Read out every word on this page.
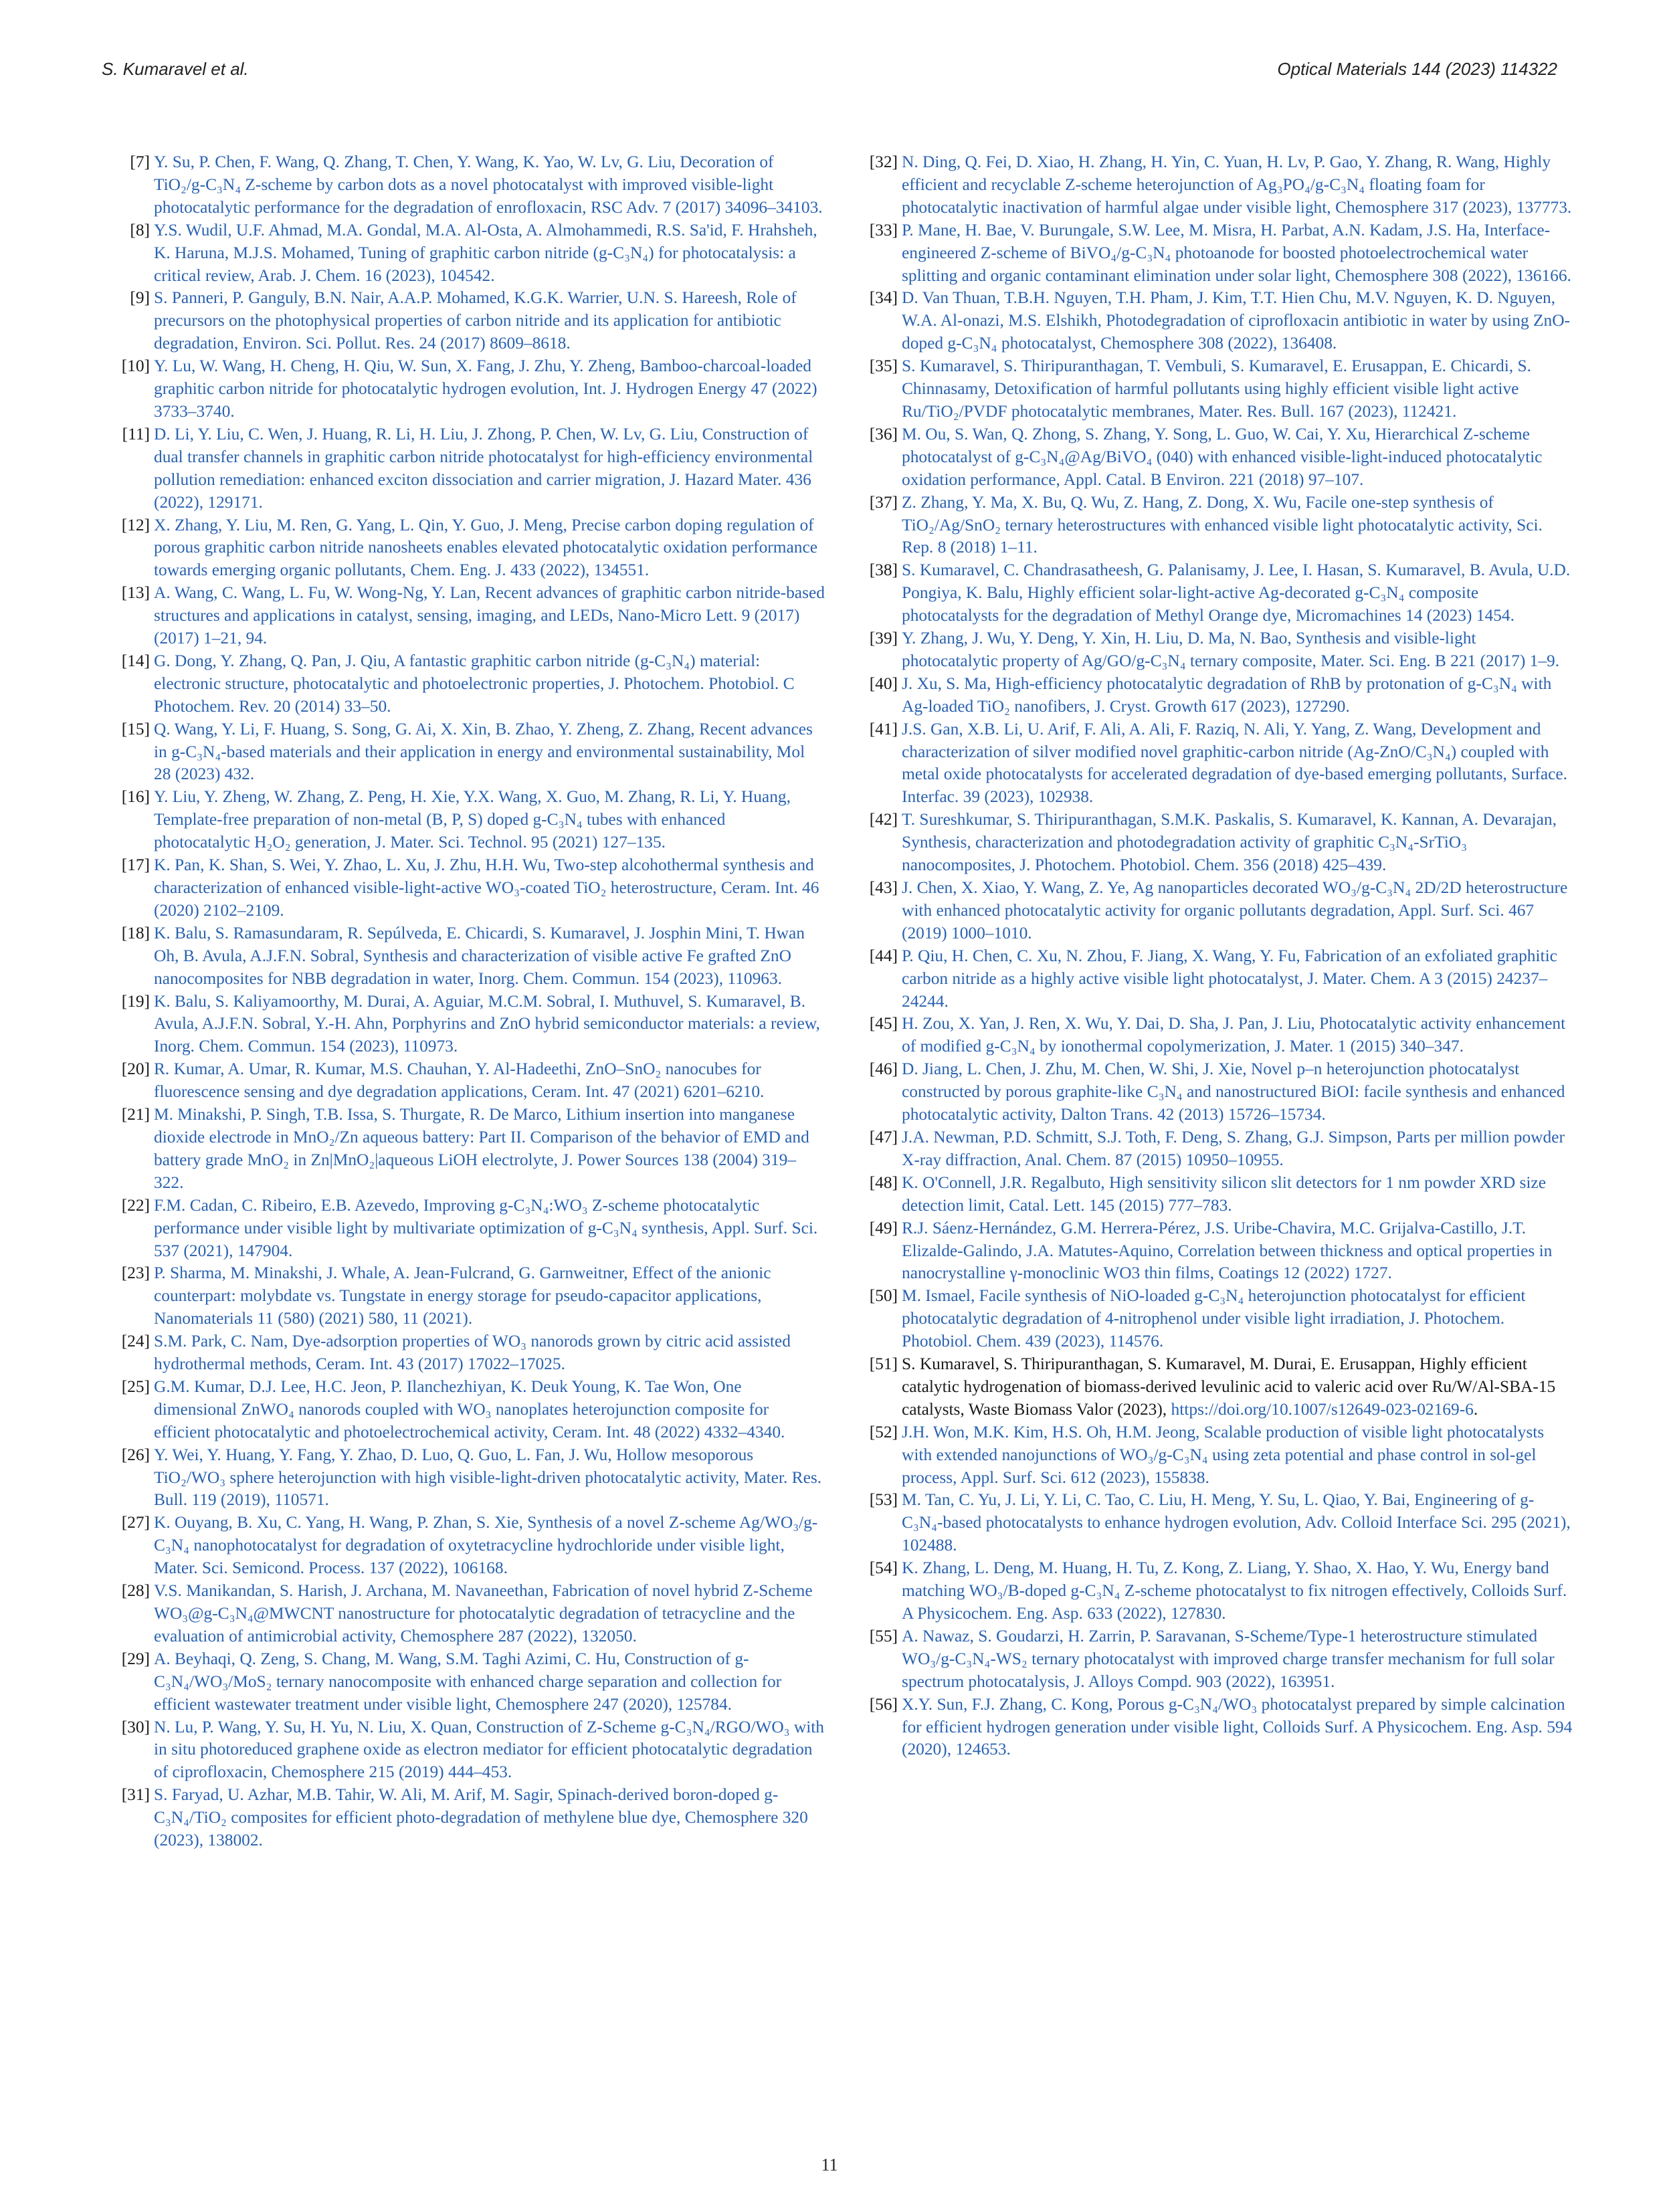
S. Kumaravel et al.	Optical Materials 144 (2023) 114322
[7] Y. Su, P. Chen, F. Wang, Q. Zhang, T. Chen, Y. Wang, K. Yao, W. Lv, G. Liu, Decoration of TiO₂/g-C₃N₄ Z-scheme by carbon dots as a novel photocatalyst with improved visible-light photocatalytic performance for the degradation of enrofloxacin, RSC Adv. 7 (2017) 34096–34103.
[8] Y.S. Wudil, U.F. Ahmad, M.A. Gondal, M.A. Al-Osta, A. Almohammedi, R.S. Sa'id, F. Hrahsheh, K. Haruna, M.J.S. Mohamed, Tuning of graphitic carbon nitride (g-C₃N₄) for photocatalysis: a critical review, Arab. J. Chem. 16 (2023), 104542.
[9] S. Panneri, P. Ganguly, B.N. Nair, A.A.P. Mohamed, K.G.K. Warrier, U.N. S. Hareesh, Role of precursors on the photophysical properties of carbon nitride and its application for antibiotic degradation, Environ. Sci. Pollut. Res. 24 (2017) 8609–8618.
[10] Y. Lu, W. Wang, H. Cheng, H. Qiu, W. Sun, X. Fang, J. Zhu, Y. Zheng, Bamboo-charcoal-loaded graphitic carbon nitride for photocatalytic hydrogen evolution, Int. J. Hydrogen Energy 47 (2022) 3733–3740.
[11] D. Li, Y. Liu, C. Wen, J. Huang, R. Li, H. Liu, J. Zhong, P. Chen, W. Lv, G. Liu, Construction of dual transfer channels in graphitic carbon nitride photocatalyst for high-efficiency environmental pollution remediation: enhanced exciton dissociation and carrier migration, J. Hazard Mater. 436 (2022), 129171.
[12] X. Zhang, Y. Liu, M. Ren, G. Yang, L. Qin, Y. Guo, J. Meng, Precise carbon doping regulation of porous graphitic carbon nitride nanosheets enables elevated photocatalytic oxidation performance towards emerging organic pollutants, Chem. Eng. J. 433 (2022), 134551.
[13] A. Wang, C. Wang, L. Fu, W. Wong-Ng, Y. Lan, Recent advances of graphitic carbon nitride-based structures and applications in catalyst, sensing, imaging, and LEDs, Nano-Micro Lett. 9 (2017) (2017) 1–21, 94.
[14] G. Dong, Y. Zhang, Q. Pan, J. Qiu, A fantastic graphitic carbon nitride (g-C₃N₄) material: electronic structure, photocatalytic and photoelectronic properties, J. Photochem. Photobiol. C Photochem. Rev. 20 (2014) 33–50.
[15] Q. Wang, Y. Li, F. Huang, S. Song, G. Ai, X. Xin, B. Zhao, Y. Zheng, Z. Zhang, Recent advances in g-C₃N₄-based materials and their application in energy and environmental sustainability, Mol 28 (2023) 432.
[16] Y. Liu, Y. Zheng, W. Zhang, Z. Peng, H. Xie, Y.X. Wang, X. Guo, M. Zhang, R. Li, Y. Huang, Template-free preparation of non-metal (B, P, S) doped g-C₃N₄ tubes with enhanced photocatalytic H₂O₂ generation, J. Mater. Sci. Technol. 95 (2021) 127–135.
[17] K. Pan, K. Shan, S. Wei, Y. Zhao, L. Xu, J. Zhu, H.H. Wu, Two-step alcohothermal synthesis and characterization of enhanced visible-light-active WO₃-coated TiO₂ heterostructure, Ceram. Int. 46 (2020) 2102–2109.
[18] K. Balu, S. Ramasundaram, R. Sepúlveda, E. Chicardi, S. Kumaravel, J. Josphin Mini, T. Hwan Oh, B. Avula, A.J.F.N. Sobral, Synthesis and characterization of visible active Fe grafted ZnO nanocomposites for NBB degradation in water, Inorg. Chem. Commun. 154 (2023), 110963.
[19] K. Balu, S. Kaliyamoorthy, M. Durai, A. Aguiar, M.C.M. Sobral, I. Muthuvel, S. Kumaravel, B. Avula, A.J.F.N. Sobral, Y.-H. Ahn, Porphyrins and ZnO hybrid semiconductor materials: a review, Inorg. Chem. Commun. 154 (2023), 110973.
[20] R. Kumar, A. Umar, R. Kumar, M.S. Chauhan, Y. Al-Hadeethi, ZnO–SnO₂ nanocubes for fluorescence sensing and dye degradation applications, Ceram. Int. 47 (2021) 6201–6210.
[21] M. Minakshi, P. Singh, T.B. Issa, S. Thurgate, R. De Marco, Lithium insertion into manganese dioxide electrode in MnO₂/Zn aqueous battery: Part II. Comparison of the behavior of EMD and battery grade MnO₂ in Zn|MnO₂|aqueous LiOH electrolyte, J. Power Sources 138 (2004) 319–322.
[22] F.M. Cadan, C. Ribeiro, E.B. Azevedo, Improving g-C₃N₄:WO₃ Z-scheme photocatalytic performance under visible light by multivariate optimization of g-C₃N₄ synthesis, Appl. Surf. Sci. 537 (2021), 147904.
[23] P. Sharma, M. Minakshi, J. Whale, A. Jean-Fulcrand, G. Garnweitner, Effect of the anionic counterpart: molybdate vs. Tungstate in energy storage for pseudo-capacitor applications, Nanomaterials 11 (580) (2021) 580, 11 (2021).
[24] S.M. Park, C. Nam, Dye-adsorption properties of WO₃ nanorods grown by citric acid assisted hydrothermal methods, Ceram. Int. 43 (2017) 17022–17025.
[25] G.M. Kumar, D.J. Lee, H.C. Jeon, P. Ilanchezhiyan, K. Deuk Young, K. Tae Won, One dimensional ZnWO₄ nanorods coupled with WO₃ nanoplates heterojunction composite for efficient photocatalytic and photoelectrochemical activity, Ceram. Int. 48 (2022) 4332–4340.
[26] Y. Wei, Y. Huang, Y. Fang, Y. Zhao, D. Luo, Q. Guo, L. Fan, J. Wu, Hollow mesoporous TiO₂/WO₃ sphere heterojunction with high visible-light-driven photocatalytic activity, Mater. Res. Bull. 119 (2019), 110571.
[27] K. Ouyang, B. Xu, C. Yang, H. Wang, P. Zhan, S. Xie, Synthesis of a novel Z-scheme Ag/WO₃/g-C₃N₄ nanophotocatalyst for degradation of oxytetracycline hydrochloride under visible light, Mater. Sci. Semicond. Process. 137 (2022), 106168.
[28] V.S. Manikandan, S. Harish, J. Archana, M. Navaneethan, Fabrication of novel hybrid Z-Scheme WO₃@g-C₃N₄@MWCNT nanostructure for photocatalytic degradation of tetracycline and the evaluation of antimicrobial activity, Chemosphere 287 (2022), 132050.
[29] A. Beyhaqi, Q. Zeng, S. Chang, M. Wang, S.M. Taghi Azimi, C. Hu, Construction of g-C₃N₄/WO₃/MoS₂ ternary nanocomposite with enhanced charge separation and collection for efficient wastewater treatment under visible light, Chemosphere 247 (2020), 125784.
[30] N. Lu, P. Wang, Y. Su, H. Yu, N. Liu, X. Quan, Construction of Z-Scheme g-C₃N₄/RGO/WO₃ with in situ photoreduced graphene oxide as electron mediator for efficient photocatalytic degradation of ciprofloxacin, Chemosphere 215 (2019) 444–453.
[31] S. Faryad, U. Azhar, M.B. Tahir, W. Ali, M. Arif, M. Sagir, Spinach-derived boron-doped g-C₃N₄/TiO₂ composites for efficient photo-degradation of methylene blue dye, Chemosphere 320 (2023), 138002.
[32] N. Ding, Q. Fei, D. Xiao, H. Zhang, H. Yin, C. Yuan, H. Lv, P. Gao, Y. Zhang, R. Wang, Highly efficient and recyclable Z-scheme heterojunction of Ag₃PO₄/g-C₃N₄ floating foam for photocatalytic inactivation of harmful algae under visible light, Chemosphere 317 (2023), 137773.
[33] P. Mane, H. Bae, V. Burungale, S.W. Lee, M. Misra, H. Parbat, A.N. Kadam, J.S. Ha, Interface-engineered Z-scheme of BiVO₄/g-C₃N₄ photoanode for boosted photoelectrochemical water splitting and organic contaminant elimination under solar light, Chemosphere 308 (2022), 136166.
[34] D. Van Thuan, T.B.H. Nguyen, T.H. Pham, J. Kim, T.T. Hien Chu, M.V. Nguyen, K. D. Nguyen, W.A. Al-onazi, M.S. Elshikh, Photodegradation of ciprofloxacin antibiotic in water by using ZnO-doped g-C₃N₄ photocatalyst, Chemosphere 308 (2022), 136408.
[35] S. Kumaravel, S. Thiripuranthagan, T. Vembuli, S. Kumaravel, E. Erusappan, E. Chicardi, S. Chinnasamy, Detoxification of harmful pollutants using highly efficient visible light active Ru/TiO₂/PVDF photocatalytic membranes, Mater. Res. Bull. 167 (2023), 112421.
[36] M. Ou, S. Wan, Q. Zhong, S. Zhang, Y. Song, L. Guo, W. Cai, Y. Xu, Hierarchical Z-scheme photocatalyst of g-C₃N₄@Ag/BiVO₄ (040) with enhanced visible-light-induced photocatalytic oxidation performance, Appl. Catal. B Environ. 221 (2018) 97–107.
[37] Z. Zhang, Y. Ma, X. Bu, Q. Wu, Z. Hang, Z. Dong, X. Wu, Facile one-step synthesis of TiO₂/Ag/SnO₂ ternary heterostructures with enhanced visible light photocatalytic activity, Sci. Rep. 8 (2018) 1–11.
[38] S. Kumaravel, C. Chandrasatheesh, G. Palanisamy, J. Lee, I. Hasan, S. Kumaravel, B. Avula, U.D. Pongiya, K. Balu, Highly efficient solar-light-active Ag-decorated g-C₃N₄ composite photocatalysts for the degradation of Methyl Orange dye, Micromachines 14 (2023) 1454.
[39] Y. Zhang, J. Wu, Y. Deng, Y. Xin, H. Liu, D. Ma, N. Bao, Synthesis and visible-light photocatalytic property of Ag/GO/g-C₃N₄ ternary composite, Mater. Sci. Eng. B 221 (2017) 1–9.
[40] J. Xu, S. Ma, High-efficiency photocatalytic degradation of RhB by protonation of g-C₃N₄ with Ag-loaded TiO₂ nanofibers, J. Cryst. Growth 617 (2023), 127290.
[41] J.S. Gan, X.B. Li, U. Arif, F. Ali, A. Ali, F. Raziq, N. Ali, Y. Yang, Z. Wang, Development and characterization of silver modified novel graphitic-carbon nitride (Ag-ZnO/C₃N₄) coupled with metal oxide photocatalysts for accelerated degradation of dye-based emerging pollutants, Surface. Interfac. 39 (2023), 102938.
[42] T. Sureshkumar, S. Thiripuranthagan, S.M.K. Paskalis, S. Kumaravel, K. Kannan, A. Devarajan, Synthesis, characterization and photodegradation activity of graphitic C₃N₄-SrTiO₃ nanocomposites, J. Photochem. Photobiol. Chem. 356 (2018) 425–439.
[43] J. Chen, X. Xiao, Y. Wang, Z. Ye, Ag nanoparticles decorated WO₃/g-C₃N₄ 2D/2D heterostructure with enhanced photocatalytic activity for organic pollutants degradation, Appl. Surf. Sci. 467 (2019) 1000–1010.
[44] P. Qiu, H. Chen, C. Xu, N. Zhou, F. Jiang, X. Wang, Y. Fu, Fabrication of an exfoliated graphitic carbon nitride as a highly active visible light photocatalyst, J. Mater. Chem. A 3 (2015) 24237–24244.
[45] H. Zou, X. Yan, J. Ren, X. Wu, Y. Dai, D. Sha, J. Pan, J. Liu, Photocatalytic activity enhancement of modified g-C₃N₄ by ionothermal copolymerization, J. Mater. 1 (2015) 340–347.
[46] D. Jiang, L. Chen, J. Zhu, M. Chen, W. Shi, J. Xie, Novel p–n heterojunction photocatalyst constructed by porous graphite-like C₃N₄ and nanostructured BiOI: facile synthesis and enhanced photocatalytic activity, Dalton Trans. 42 (2013) 15726–15734.
[47] J.A. Newman, P.D. Schmitt, S.J. Toth, F. Deng, S. Zhang, G.J. Simpson, Parts per million powder X-ray diffraction, Anal. Chem. 87 (2015) 10950–10955.
[48] K. O'Connell, J.R. Regalbuto, High sensitivity silicon slit detectors for 1 nm powder XRD size detection limit, Catal. Lett. 145 (2015) 777–783.
[49] R.J. Sáenz-Hernández, G.M. Herrera-Pérez, J.S. Uribe-Chavira, M.C. Grijalva-Castillo, J.T. Elizalde-Galindo, J.A. Matutes-Aquino, Correlation between thickness and optical properties in nanocrystalline γ-monoclinic WO3 thin films, Coatings 12 (2022) 1727.
[50] M. Ismael, Facile synthesis of NiO-loaded g-C₃N₄ heterojunction photocatalyst for efficient photocatalytic degradation of 4-nitrophenol under visible light irradiation, J. Photochem. Photobiol. Chem. 439 (2023), 114576.
[51] S. Kumaravel, S. Thiripuranthagan, S. Kumaravel, M. Durai, E. Erusappan, Highly efficient catalytic hydrogenation of biomass-derived levulinic acid to valeric acid over Ru/W/Al-SBA-15 catalysts, Waste Biomass Valor (2023), https://doi.org/10.1007/s12649-023-02169-6.
[52] J.H. Won, M.K. Kim, H.S. Oh, H.M. Jeong, Scalable production of visible light photocatalysts with extended nanojunctions of WO₃/g-C₃N₄ using zeta potential and phase control in sol-gel process, Appl. Surf. Sci. 612 (2023), 155838.
[53] M. Tan, C. Yu, J. Li, Y. Li, C. Tao, C. Liu, H. Meng, Y. Su, L. Qiao, Y. Bai, Engineering of g-C₃N₄-based photocatalysts to enhance hydrogen evolution, Adv. Colloid Interface Sci. 295 (2021), 102488.
[54] K. Zhang, L. Deng, M. Huang, H. Tu, Z. Kong, Z. Liang, Y. Shao, X. Hao, Y. Wu, Energy band matching WO₃/B-doped g-C₃N₄ Z-scheme photocatalyst to fix nitrogen effectively, Colloids Surf. A Physicochem. Eng. Asp. 633 (2022), 127830.
[55] A. Nawaz, S. Goudarzi, H. Zarrin, P. Saravanan, S-Scheme/Type-1 heterostructure stimulated WO₃/g-C₃N₄-WS₂ ternary photocatalyst with improved charge transfer mechanism for full solar spectrum photocatalysis, J. Alloys Compd. 903 (2022), 163951.
[56] X.Y. Sun, F.J. Zhang, C. Kong, Porous g-C₃N₄/WO₃ photocatalyst prepared by simple calcination for efficient hydrogen generation under visible light, Colloids Surf. A Physicochem. Eng. Asp. 594 (2020), 124653.
11
